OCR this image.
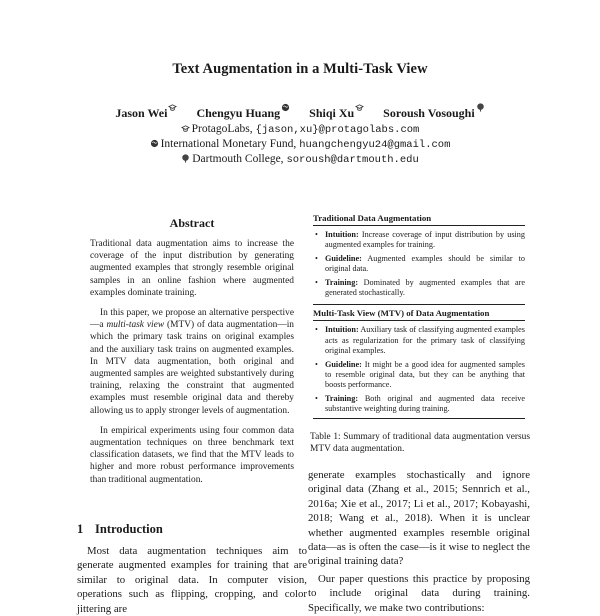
Text Augmentation in a Multi-Task View
Jason Wei Chengyu Huang Shiqi Xu Soroush Vosoughi
ProtagoLabs, {jason,xu}@protagolabs.com
International Monetary Fund, huangchengyu24@gmail.com
Dartmouth College, soroush@dartmouth.edu
Abstract

Traditional data augmentation aims to increase the coverage of the input distribution by generating augmented examples that strongly resemble original samples in an online fashion where augmented examples dominate training.

In this paper, we propose an alternative perspective—a multi-task view (MTV) of data augmentation—in which the primary task trains on original examples and the auxiliary task trains on augmented examples. In MTV data augmentation, both original and augmented samples are weighted substantively during training, relaxing the constraint that augmented examples must resemble original data and thereby allowing us to apply stronger levels of augmentation.

In empirical experiments using four common data augmentation techniques on three benchmark text classification datasets, we find that the MTV leads to higher and more robust performance improvements than traditional augmentation.

1 Introduction

Most data augmentation techniques aim to generate augmented examples for training that are similar to original data. In computer vision, operations such as flipping, cropping, and color jittering are

Traditional Data Augmentation
• Intuition: Increase coverage of input distribution by using augmented examples for training.
• Guideline: Augmented examples should be similar to original data.
• Training: Dominated by augmented examples that are generated stochastically.
Multi-Task View (MTV) of Data Augmentation
• Intuition: Auxiliary task of classifying augmented examples acts as regularization for the primary task of classifying original examples.
• Guideline: It might be a good idea for augmented samples to resemble original data, but they can be anything that boosts performance.
• Training: Both original and augmented data receive substantive weighting during training.

Table 1: Summary of traditional data augmentation versus MTV data augmentation.

generate examples stochastically and ignore original data (Zhang et al., 2015; Sennrich et al., 2016a; Xie et al., 2017; Li et al., 2017; Kobayashi, 2018; Wang et al., 2018). When it is unclear whether augmented examples resemble original data—as is often the case—is it wise to neglect the original training data?

Our paper questions this practice by proposing to include original data during training. Specifically, we make two contributions:
